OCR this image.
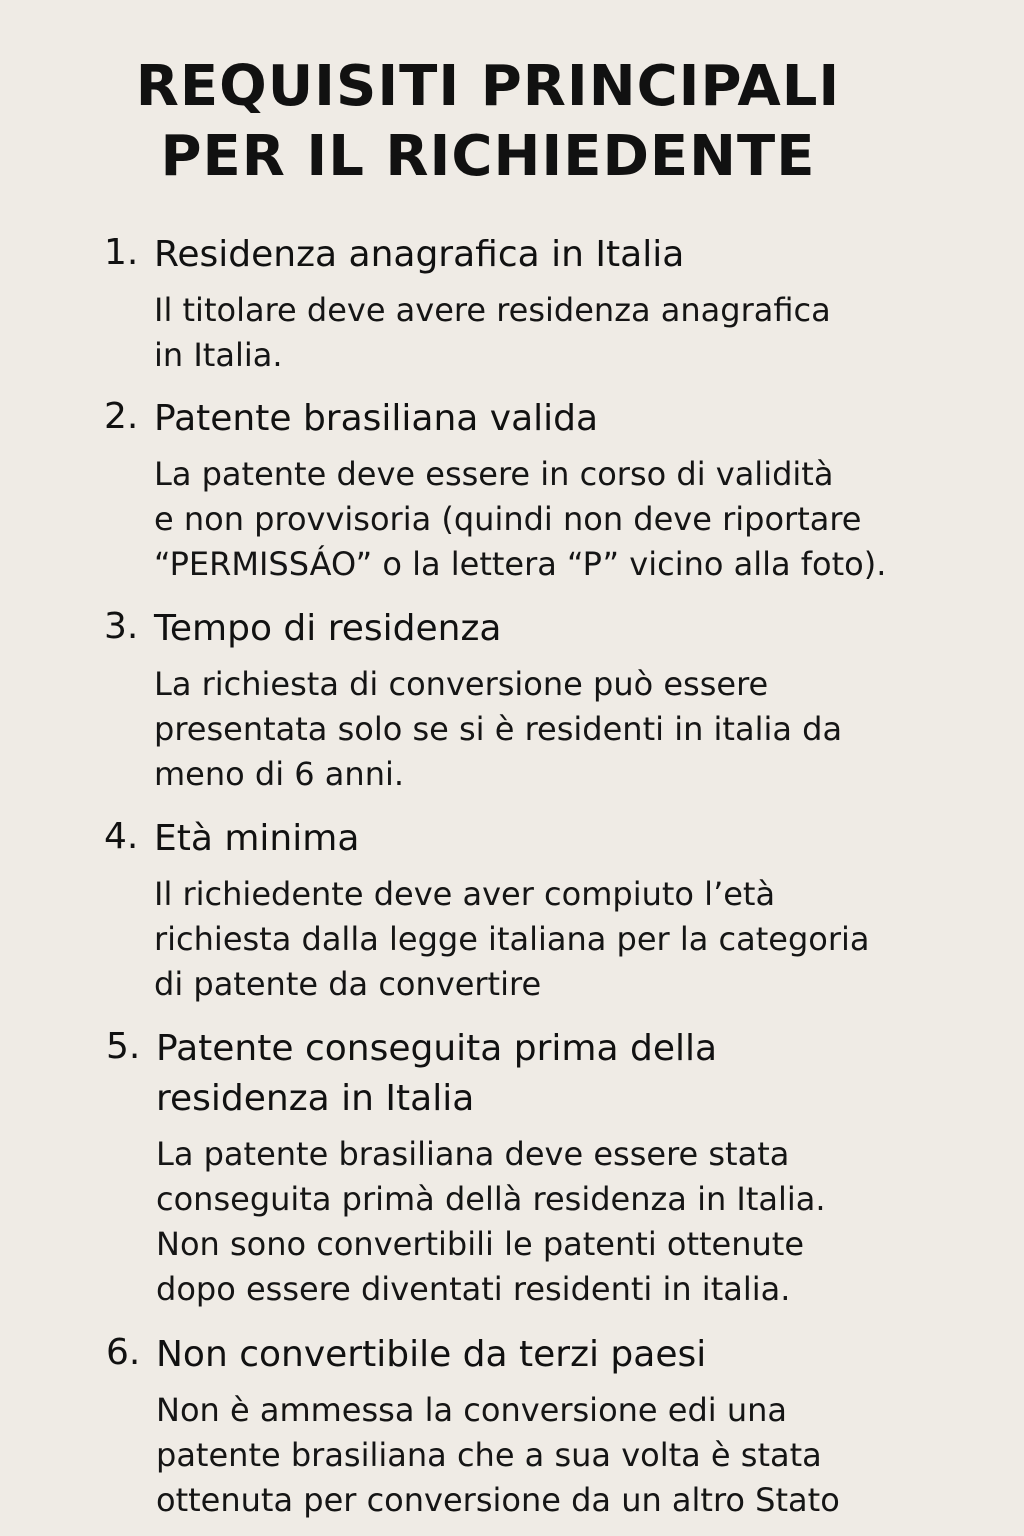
REQUISITI PRINCIPALI
PER IL RICHIEDENTE
1. Residenza anagrafica in Italia
Il titolare deve avere residenza anagrafica
in Italia.
2. Patente brasiliana valida
La patente deve essere in corso di validità
e non provvisoria (quindi non deve riportare
“PERMISSÁO” o la lettera “P” vicino alla foto).
3. Tempo di residenza
La richiesta di conversione può essere
presentata solo se si è residenti in italia da
meno di 6 anni.
4. Età minima
Il richiedente deve aver compiuto l’età
richiesta dalla legge italiana per la categoria
di patente da convertire
5. Patente conseguita prima della
residenza in Italia
La patente brasiliana deve essere stata
conseguita primà dellà residenza in Italia.
Non sono convertibili le patenti ottenute
dopo essere diventati residenti in italia.
6. Non convertibile da terzi paesi
Non è ammessa la conversione edi una
patente brasiliana che a sua volta è stata
ottenuta per conversione da un altro Stato
